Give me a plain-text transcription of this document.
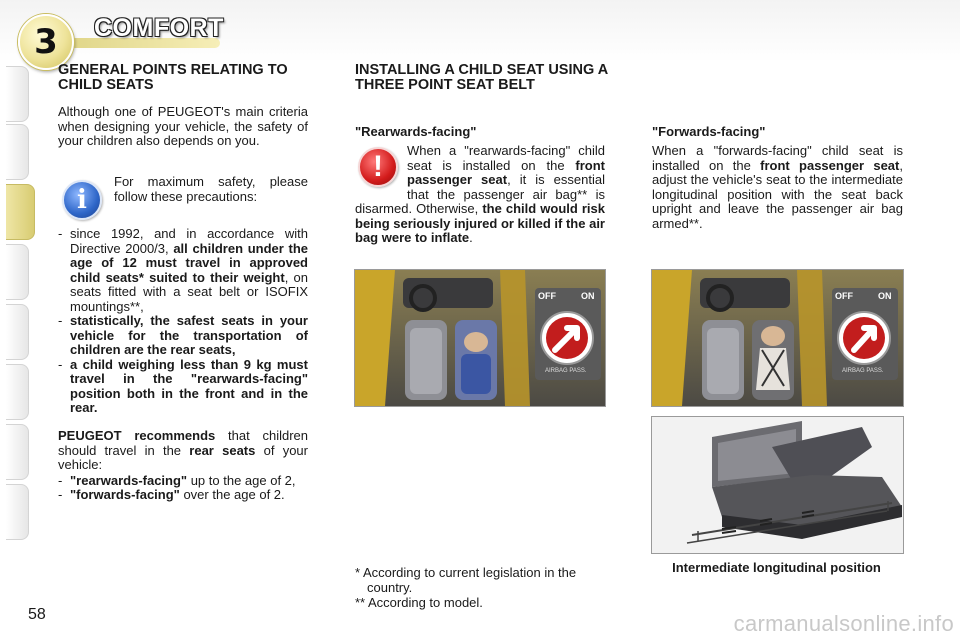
3	COMFORT
GENERAL POINTS RELATING TO CHILD SEATS
Although one of PEUGEOT's main criteria when designing your vehicle, the safety of your children also depends on you.
i
For maximum safety, please follow these precautions:
- since 1992, and in accordance with Directive 2000/3, all children under the age of 12 must travel in approved child seats* suited to their weight, on seats fitted with a seat belt or ISOFIX mountings**,
- statistically, the safest seats in your vehicle for the transportation of children are the rear seats,
- a child weighing less than 9 kg must travel in the "rearwards-facing" position both in the front and in the rear.
PEUGEOT recommends that children should travel in the rear seats of your vehicle:
- "rearwards-facing" up to the age of 2,
- "forwards-facing" over the age of 2.
INSTALLING A CHILD SEAT USING A THREE POINT SEAT BELT
"Rearwards-facing"
!	When a "rearwards-facing" child seat is installed on the front passenger seat, it is essential that the passenger air bag** is disarmed. Otherwise, the child would risk being seriously injured or killed if the air bag were to inflate.
OFF	ON
AIRBAG PASS.
* According to current legislation in the country.
** According to model.
"Forwards-facing"
When a "forwards-facing" child seat is installed on the front passenger seat, adjust the vehicle's seat to the intermediate longitudinal position with the seat back upright and leave the passenger air bag armed**.
OFF	ON
AIRBAG PASS.
Intermediate longitudinal position
58	carmanualsonline.info
